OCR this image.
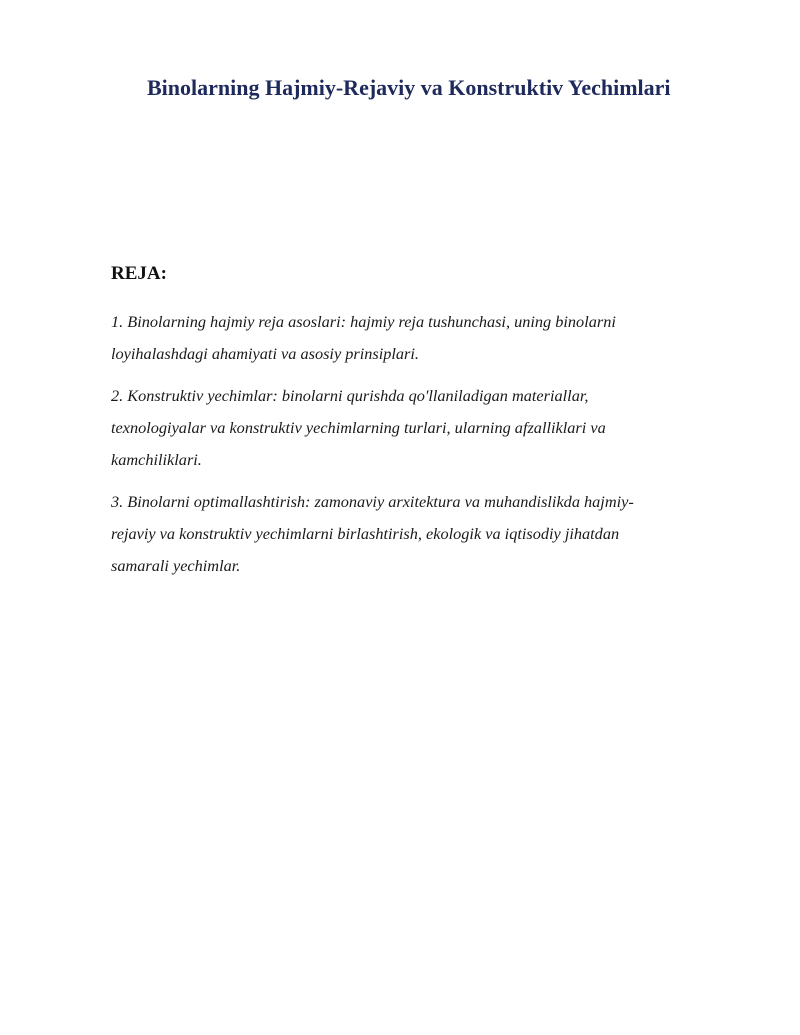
Binolarning Hajmiy-Rejaviy va Konstruktiv Yechimlari
REJA:
1. Binolarning hajmiy reja asoslari: hajmiy reja tushunchasi, uning binolarni
loyihalashdagi ahamiyati va asosiy prinsiplari.
2. Konstruktiv yechimlar: binolarni qurishda qo'llaniladigan materiallar,
texnologiyalar va konstruktiv yechimlarning turlari, ularning afzalliklari va
kamchiliklari.
3. Binolarni optimallashtirish: zamonaviy arxitektura va muhandislikda hajmiy-
rejaviy va konstruktiv yechimlarni birlashtirish, ekologik va iqtisodiy jihatdan
samarali yechimlar.
